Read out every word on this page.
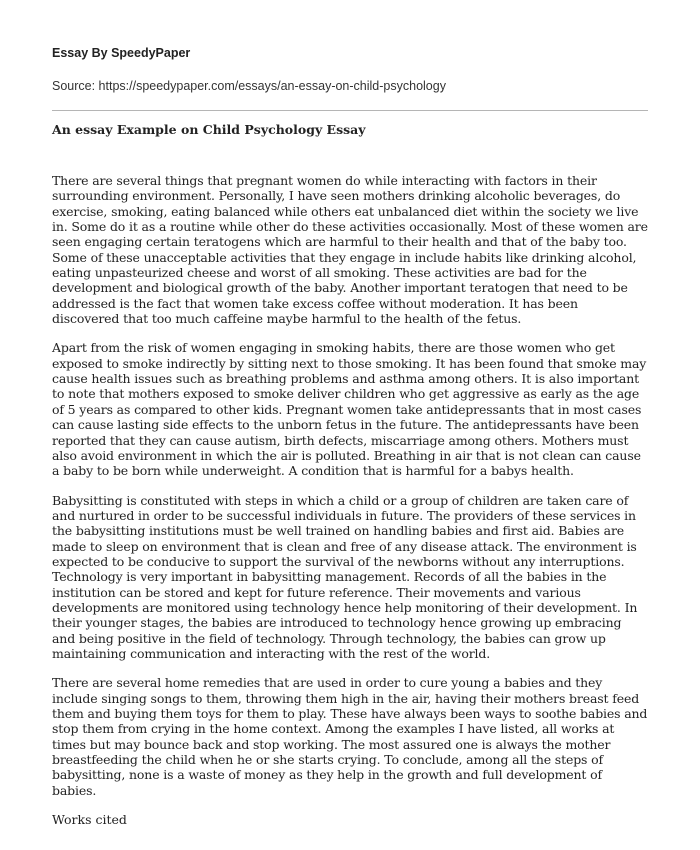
Essay By SpeedyPaper
Source: https://speedypaper.com/essays/an-essay-on-child-psychology
An essay Example on Child Psychology Essay

There are several things that pregnant women do while interacting with factors in their surrounding environment. Personally, I have seen mothers drinking alcoholic beverages, do exercise, smoking, eating balanced while others eat unbalanced diet within the society we live in. Some do it as a routine while other do these activities occasionally. Most of these women are seen engaging certain teratogens which are harmful to their health and that of the baby too. Some of these unacceptable activities that they engage in include habits like drinking alcohol, eating unpasteurized cheese and worst of all smoking. These activities are bad for the development and biological growth of the baby. Another important teratogen that need to be addressed is the fact that women take excess coffee without moderation. It has been discovered that too much caffeine maybe harmful to the health of the fetus.

Apart from the risk of women engaging in smoking habits, there are those women who get exposed to smoke indirectly by sitting next to those smoking. It has been found that smoke may cause health issues such as breathing problems and asthma among others. It is also important to note that mothers exposed to smoke deliver children who get aggressive as early as the age of 5 years as compared to other kids. Pregnant women take antidepressants that in most cases can cause lasting side effects to the unborn fetus in the future. The antidepressants have been reported that they can cause autism, birth defects, miscarriage among others. Mothers must also avoid environment in which the air is polluted. Breathing in air that is not clean can cause a baby to be born while underweight. A condition that is harmful for a babys health.

Babysitting is constituted with steps in which a child or a group of children are taken care of and nurtured in order to be successful individuals in future. The providers of these services in the babysitting institutions must be well trained on handling babies and first aid. Babies are made to sleep on environment that is clean and free of any disease attack. The environment is expected to be conducive to support the survival of the newborns without any interruptions. Technology is very important in babysitting management. Records of all the babies in the institution can be stored and kept for future reference. Their movements and various developments are monitored using technology hence help monitoring of their development. In their younger stages, the babies are introduced to technology hence growing up embracing and being positive in the field of technology. Through technology, the babies can grow up maintaining communication and interacting with the rest of the world.

There are several home remedies that are used in order to cure young a babies and they include singing songs to them, throwing them high in the air, having their mothers breast feed them and buying them toys for them to play. These have always been ways to soothe babies and stop them from crying in the home context. Among the examples I have listed, all works at times but may bounce back and stop working. The most assured one is always the mother breastfeeding the child when he or she starts crying. To conclude, among all the steps of babysitting, none is a waste of money as they help in the growth and full development of babies.

Works cited
